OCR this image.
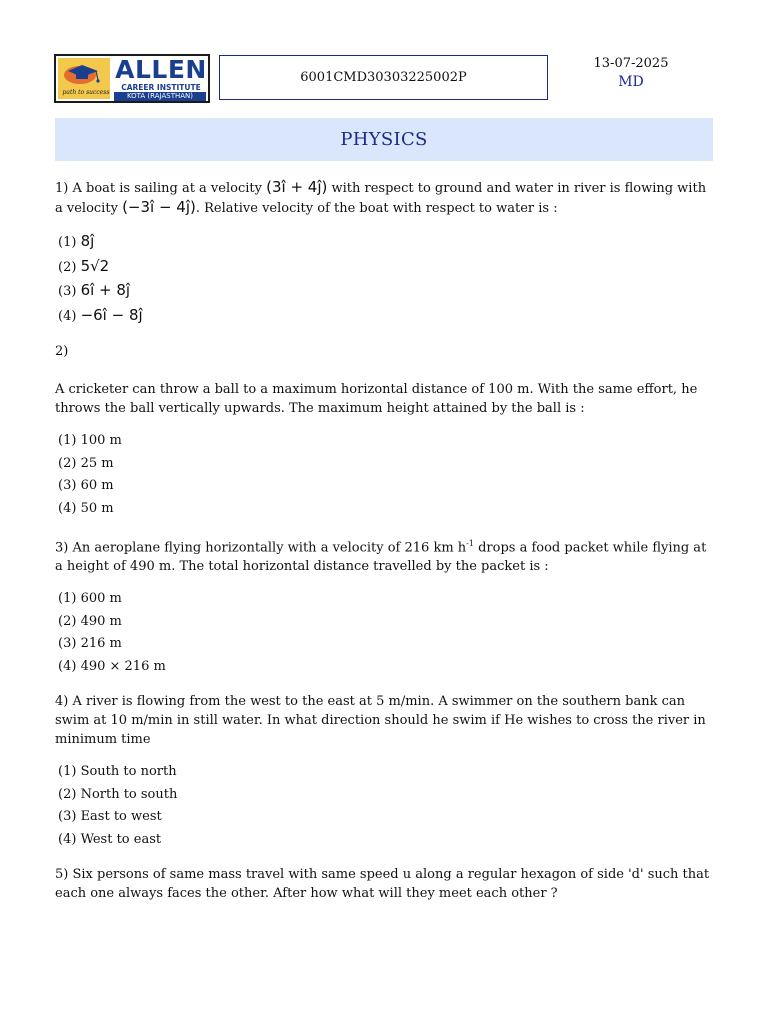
path to success
ALLEN
CAREER INSTITUTE
KOTA (RAJASTHAN)
6001CMD30303225002P
13-07-2025
MD
PHYSICS
1) A boat is sailing at a velocity (3î + 4ĵ) with respect to ground and water in river is flowing with a velocity (−3î − 4ĵ). Relative velocity of the boat with respect to water is :
(1) 8ĵ
(2) 5√2
(3) 6î + 8ĵ
(4) −6î − 8ĵ
2)
A cricketer can throw a ball to a maximum horizontal distance of 100 m. With the same effort, he throws the ball vertically upwards. The maximum height attained by the ball is :
(1) 100 m
(2) 25 m
(3) 60 m
(4) 50 m
3) An aeroplane flying horizontally with a velocity of 216 km $h^{-1}$ drops a food packet while flying at a height of 490 m. The total horizontal distance travelled by the packet is :
(1) 600 m
(2) 490 m
(3) 216 m
(4) 490 × 216 m
4) A river is flowing from the west to the east at 5 m/min. A swimmer on the southern bank can swim at 10 m/min in still water. In what direction should he swim if He wishes to cross the river in minimum time
(1) South to north
(2) North to south
(3) East to west
(4) West to east
5) Six persons of same mass travel with same speed u along a regular hexagon of side 'd' such that each one always faces the other. After how what will they meet each other ?
